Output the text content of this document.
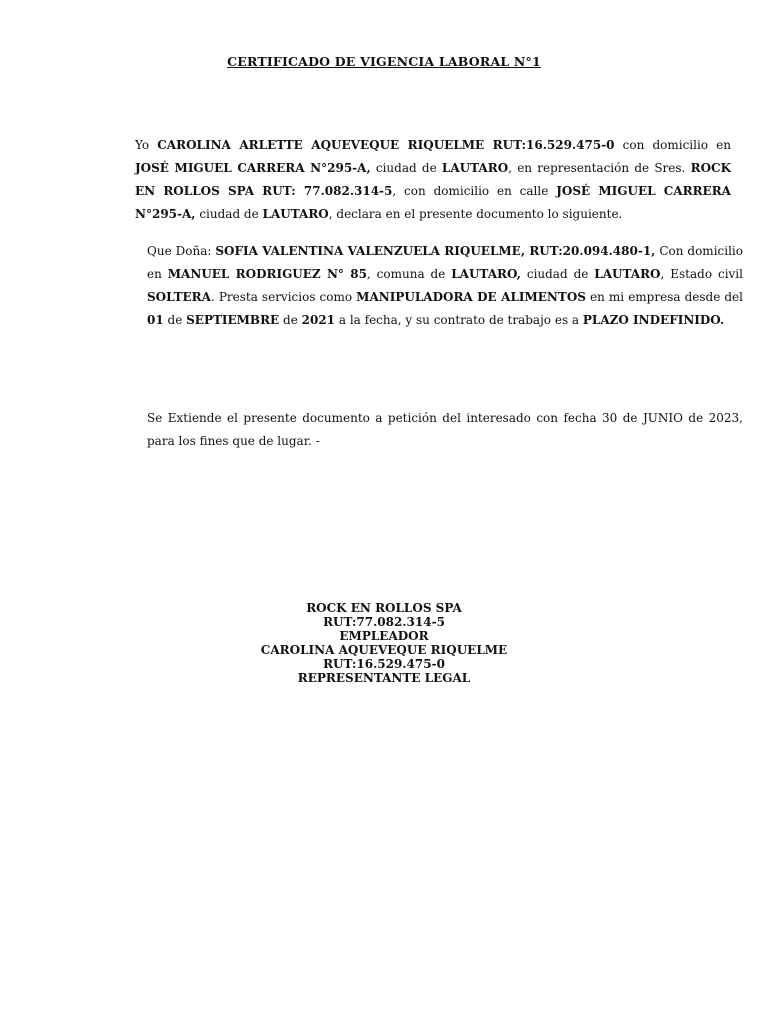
CERTIFICADO DE VIGENCIA LABORAL N°1
Yo CAROLINA ARLETTE AQUEVEQUE RIQUELME RUT:16.529.475-0 con domicilio en JOSÉ MIGUEL CARRERA N°295-A, ciudad de LAUTARO, en representación de Sres. ROCK EN ROLLOS SPA RUT: 77.082.314-5, con domicilio en calle JOSÉ MIGUEL CARRERA N°295-A, ciudad de LAUTARO, declara en el presente documento lo siguiente.
Que Doña: SOFIA VALENTINA VALENZUELA RIQUELME, RUT:20.094.480-1, Con domicilio en MANUEL RODRIGUEZ N° 85, comuna de LAUTARO, ciudad de LAUTARO, Estado civil SOLTERA. Presta servicios como MANIPULADORA DE ALIMENTOS en mi empresa desde del 01 de SEPTIEMBRE de 2021 a la fecha, y su contrato de trabajo es a PLAZO INDEFINIDO.
Se Extiende el presente documento a petición del interesado con fecha 30 de JUNIO de 2023, para los fines que de lugar. -
ROCK EN ROLLOS SPA
RUT:77.082.314-5
EMPLEADOR
CAROLINA AQUEVEQUE RIQUELME
RUT:16.529.475-0
REPRESENTANTE LEGAL
